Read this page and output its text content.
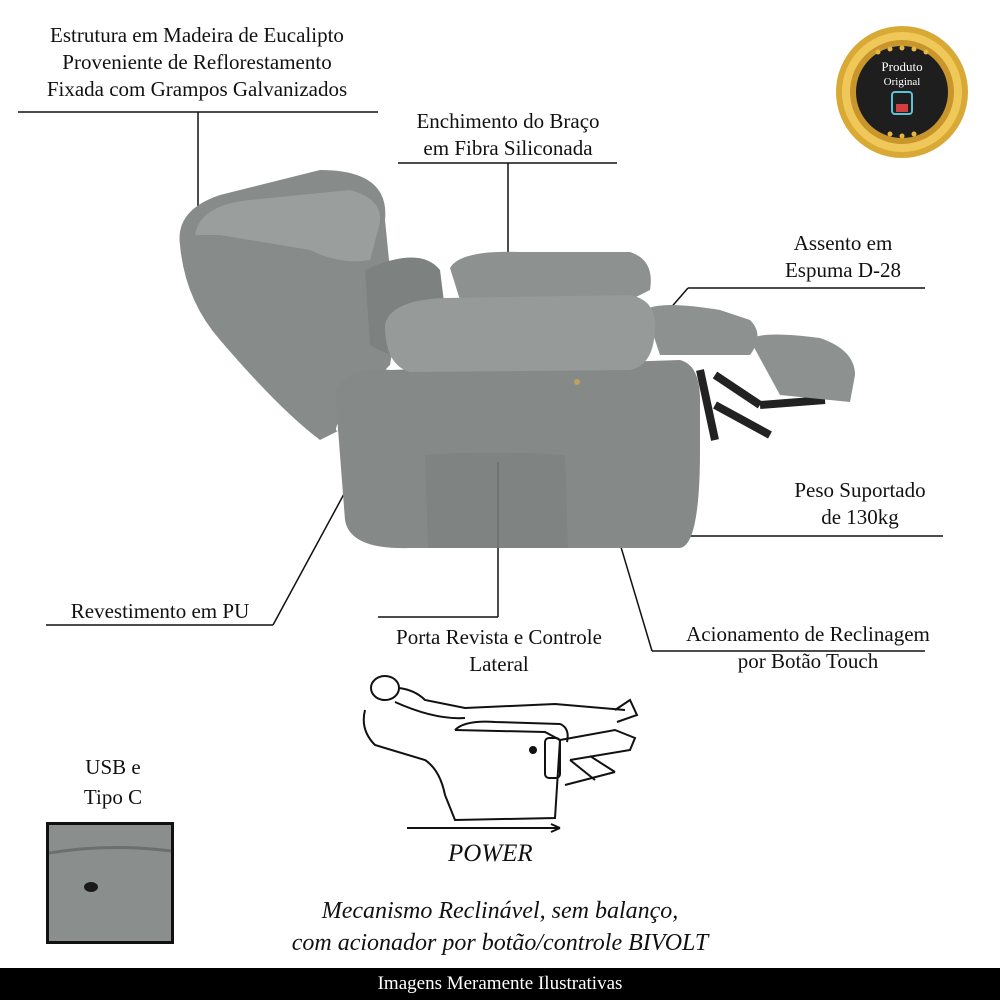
Produto
Original
Estrutura em Madeira de Eucalipto
Proveniente de Reflorestamento
Fixada com Grampos Galvanizados
Enchimento do Braço
em Fibra Siliconada
Assento em
Espuma D-28
Peso Suportado
de 130kg
Revestimento em PU
Porta Revista e Controle
Lateral
Acionamento de Reclinagem
por Botão Touch
POWER
Mecanismo Reclinável, sem balanço,
com acionador por botão/controle BIVOLT
USB e
Tipo C
Imagens Meramente Ilustrativas
